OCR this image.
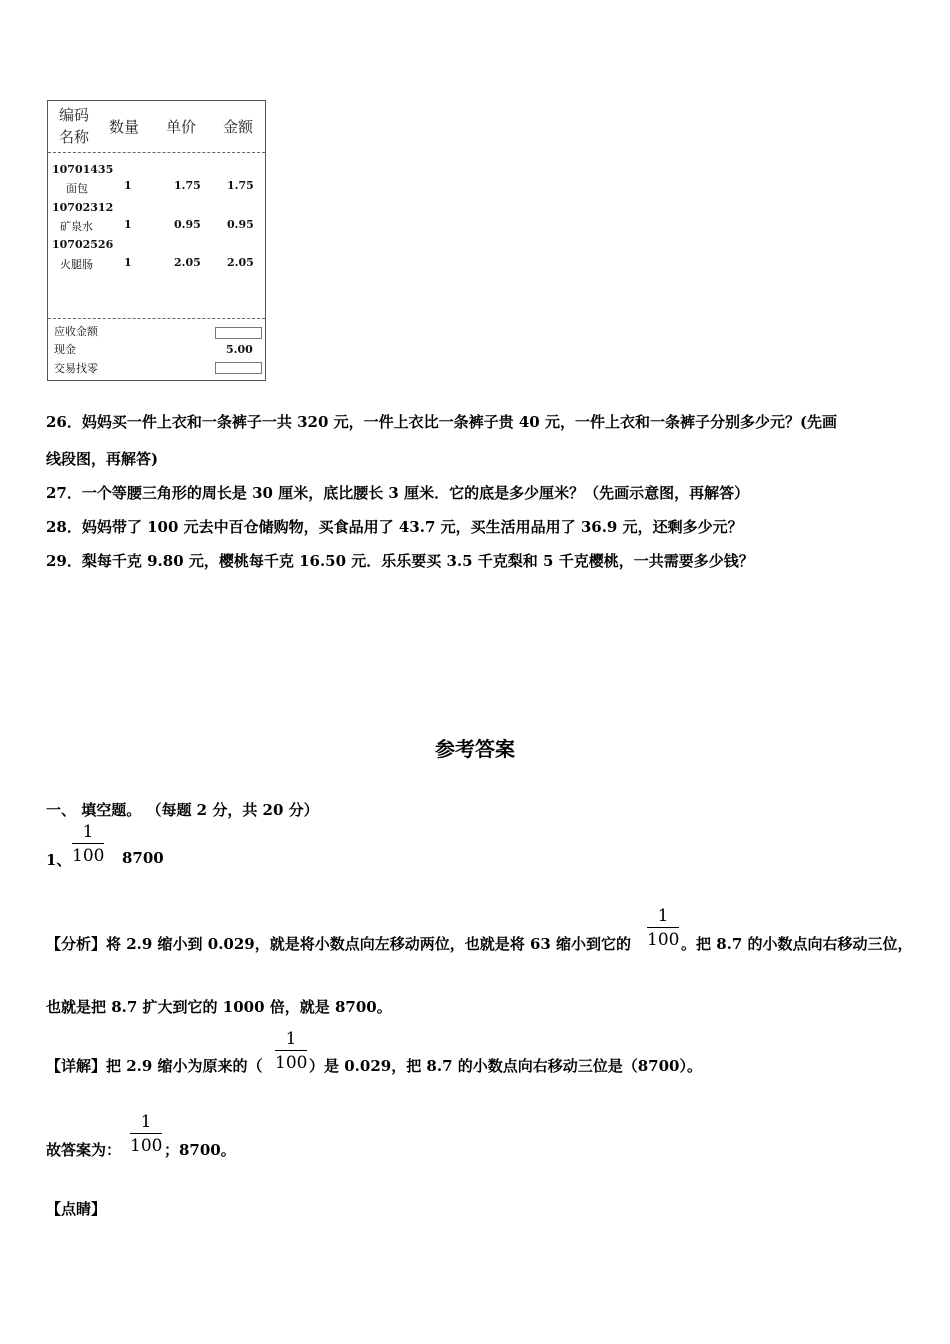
编码
名称
数量 单价 金额
10701435
面包	1	1.75 1.75
10702312
矿泉水	1	0.95 0.95
10702526
火腿肠	1	2.05 2.05
应收金额
现金	5.00
交易找零
26．妈妈买一件上衣和一条裤子一共 320 元，一件上衣比一条裤子贵 40 元，一件上衣和一条裤子分别多少元？(先画
线段图，再解答)
27．一个等腰三角形的周长是 30 厘米，底比腰长 3 厘米．它的底是多少厘米？（先画示意图，再解答）
28．妈妈带了 100 元去中百仓储购物，买食品用了 43.7 元，买生活用品用了 36.9 元，还剩多少元？
29．梨每千克 9.80 元，樱桃每千克 16.50 元．乐乐要买 3.5 千克梨和 5 千克樱桃，一共需要多少钱？
参考答案
一、 填空题。 （每题 2 分，共 20 分）
1、
1
100 8700
【分析】将 2.9 缩小到 0.029，就是将小数点向左移动两位，也就是将 63 缩小到它的
1
100 。把 8.7 的小数点向右移动三位，
也就是把 8.7 扩大到它的 1000 倍，就是 8700。
【详解】把 2.9 缩小为原来的（
1
100 ）是 0.029，把 8.7 的小数点向右移动三位是（8700）。
故答案为：
1
100 ；8700。
【点睛】
